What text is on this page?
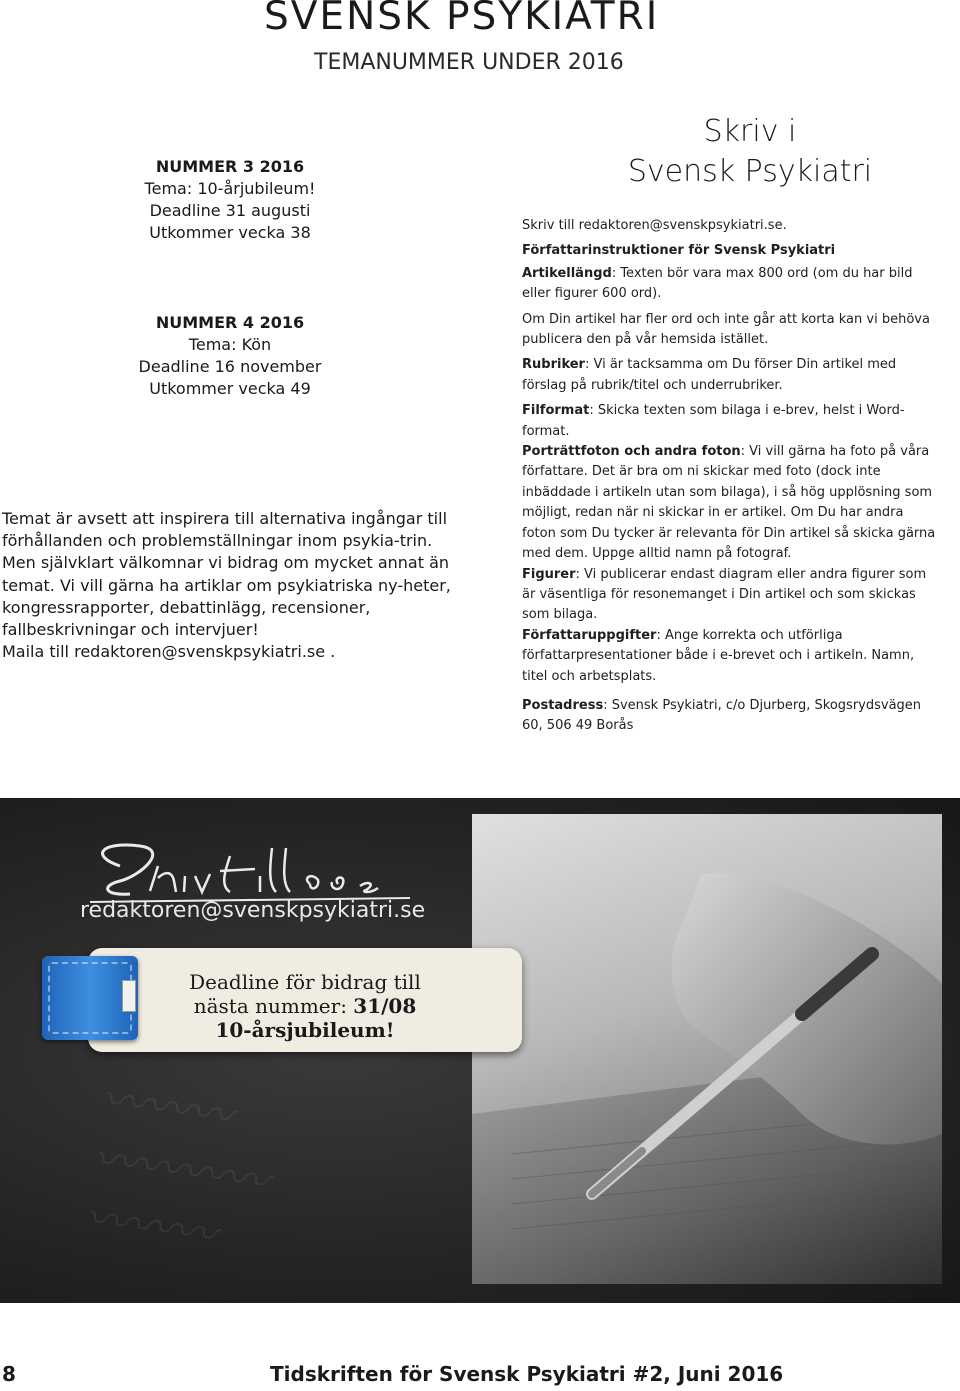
SVENSK PSYKIATRI
TEMANUMMER UNDER 2016
NUMMER 3 2016
Tema: 10-årjubileum!
Deadline 31 augusti
Utkommer vecka 38
NUMMER 4 2016
Tema: Kön
Deadline 16 november
Utkommer vecka 49

Temat är avsett att inspirera till alternativa ingångar till förhållanden och problemställningar inom psykia-trin.

Men självklart välkomnar vi bidrag om mycket annat än temat. Vi vill gärna ha artiklar om psykiatriska ny-heter, kongressrapporter, debattinlägg, recensioner, fallbeskrivningar och intervjuer!

Maila till redaktoren@svenskpsykiatri.se .

Skriv i
Svensk Psykiatri

Skriv till redaktoren@svenskpsykiatri.se.

Författarinstruktioner för Svensk Psykiatri

Artikellängd: Texten bör vara max 800 ord (om du har bild eller figurer 600 ord).

Om Din artikel har fler ord och inte går att korta kan vi behöva publicera den på vår hemsida istället.

Rubriker: Vi är tacksamma om Du förser Din artikel med förslag på rubrik/titel och underrubriker.

Filformat: Skicka texten som bilaga i e-brev, helst i Word-format.

Porträttfoton och andra foton: Vi vill gärna ha foto på våra författare. Det är bra om ni skickar med foto (dock inte inbäddade i artikeln utan som bilaga), i så hög upplösning som möjligt, redan när ni skickar in er artikel. Om Du har andra foton som Du tycker är relevanta för Din artikel så skicka gärna med dem. Uppge alltid namn på fotograf.

Figurer: Vi publicerar endast diagram eller andra figurer som är väsentliga för resonemanget i Din artikel och som skickas som bilaga.

Författaruppgifter: Ange korrekta och utförliga författarpresentationer både i e-brevet och i artikeln. Namn, titel och arbetsplats.

Postadress: Svensk Psykiatri, c/o Djurberg, Skogsrydsvägen 60, 506 49 Borås

〰〰〰
〰〰〰〰
〰〰〰
redaktoren@svenskpsykiatri.se
Deadline för bidrag till
nästa nummer: 31/08
10-årsjubileum!
8	Tidskriften för Svensk Psykiatri #2, Juni 2016
